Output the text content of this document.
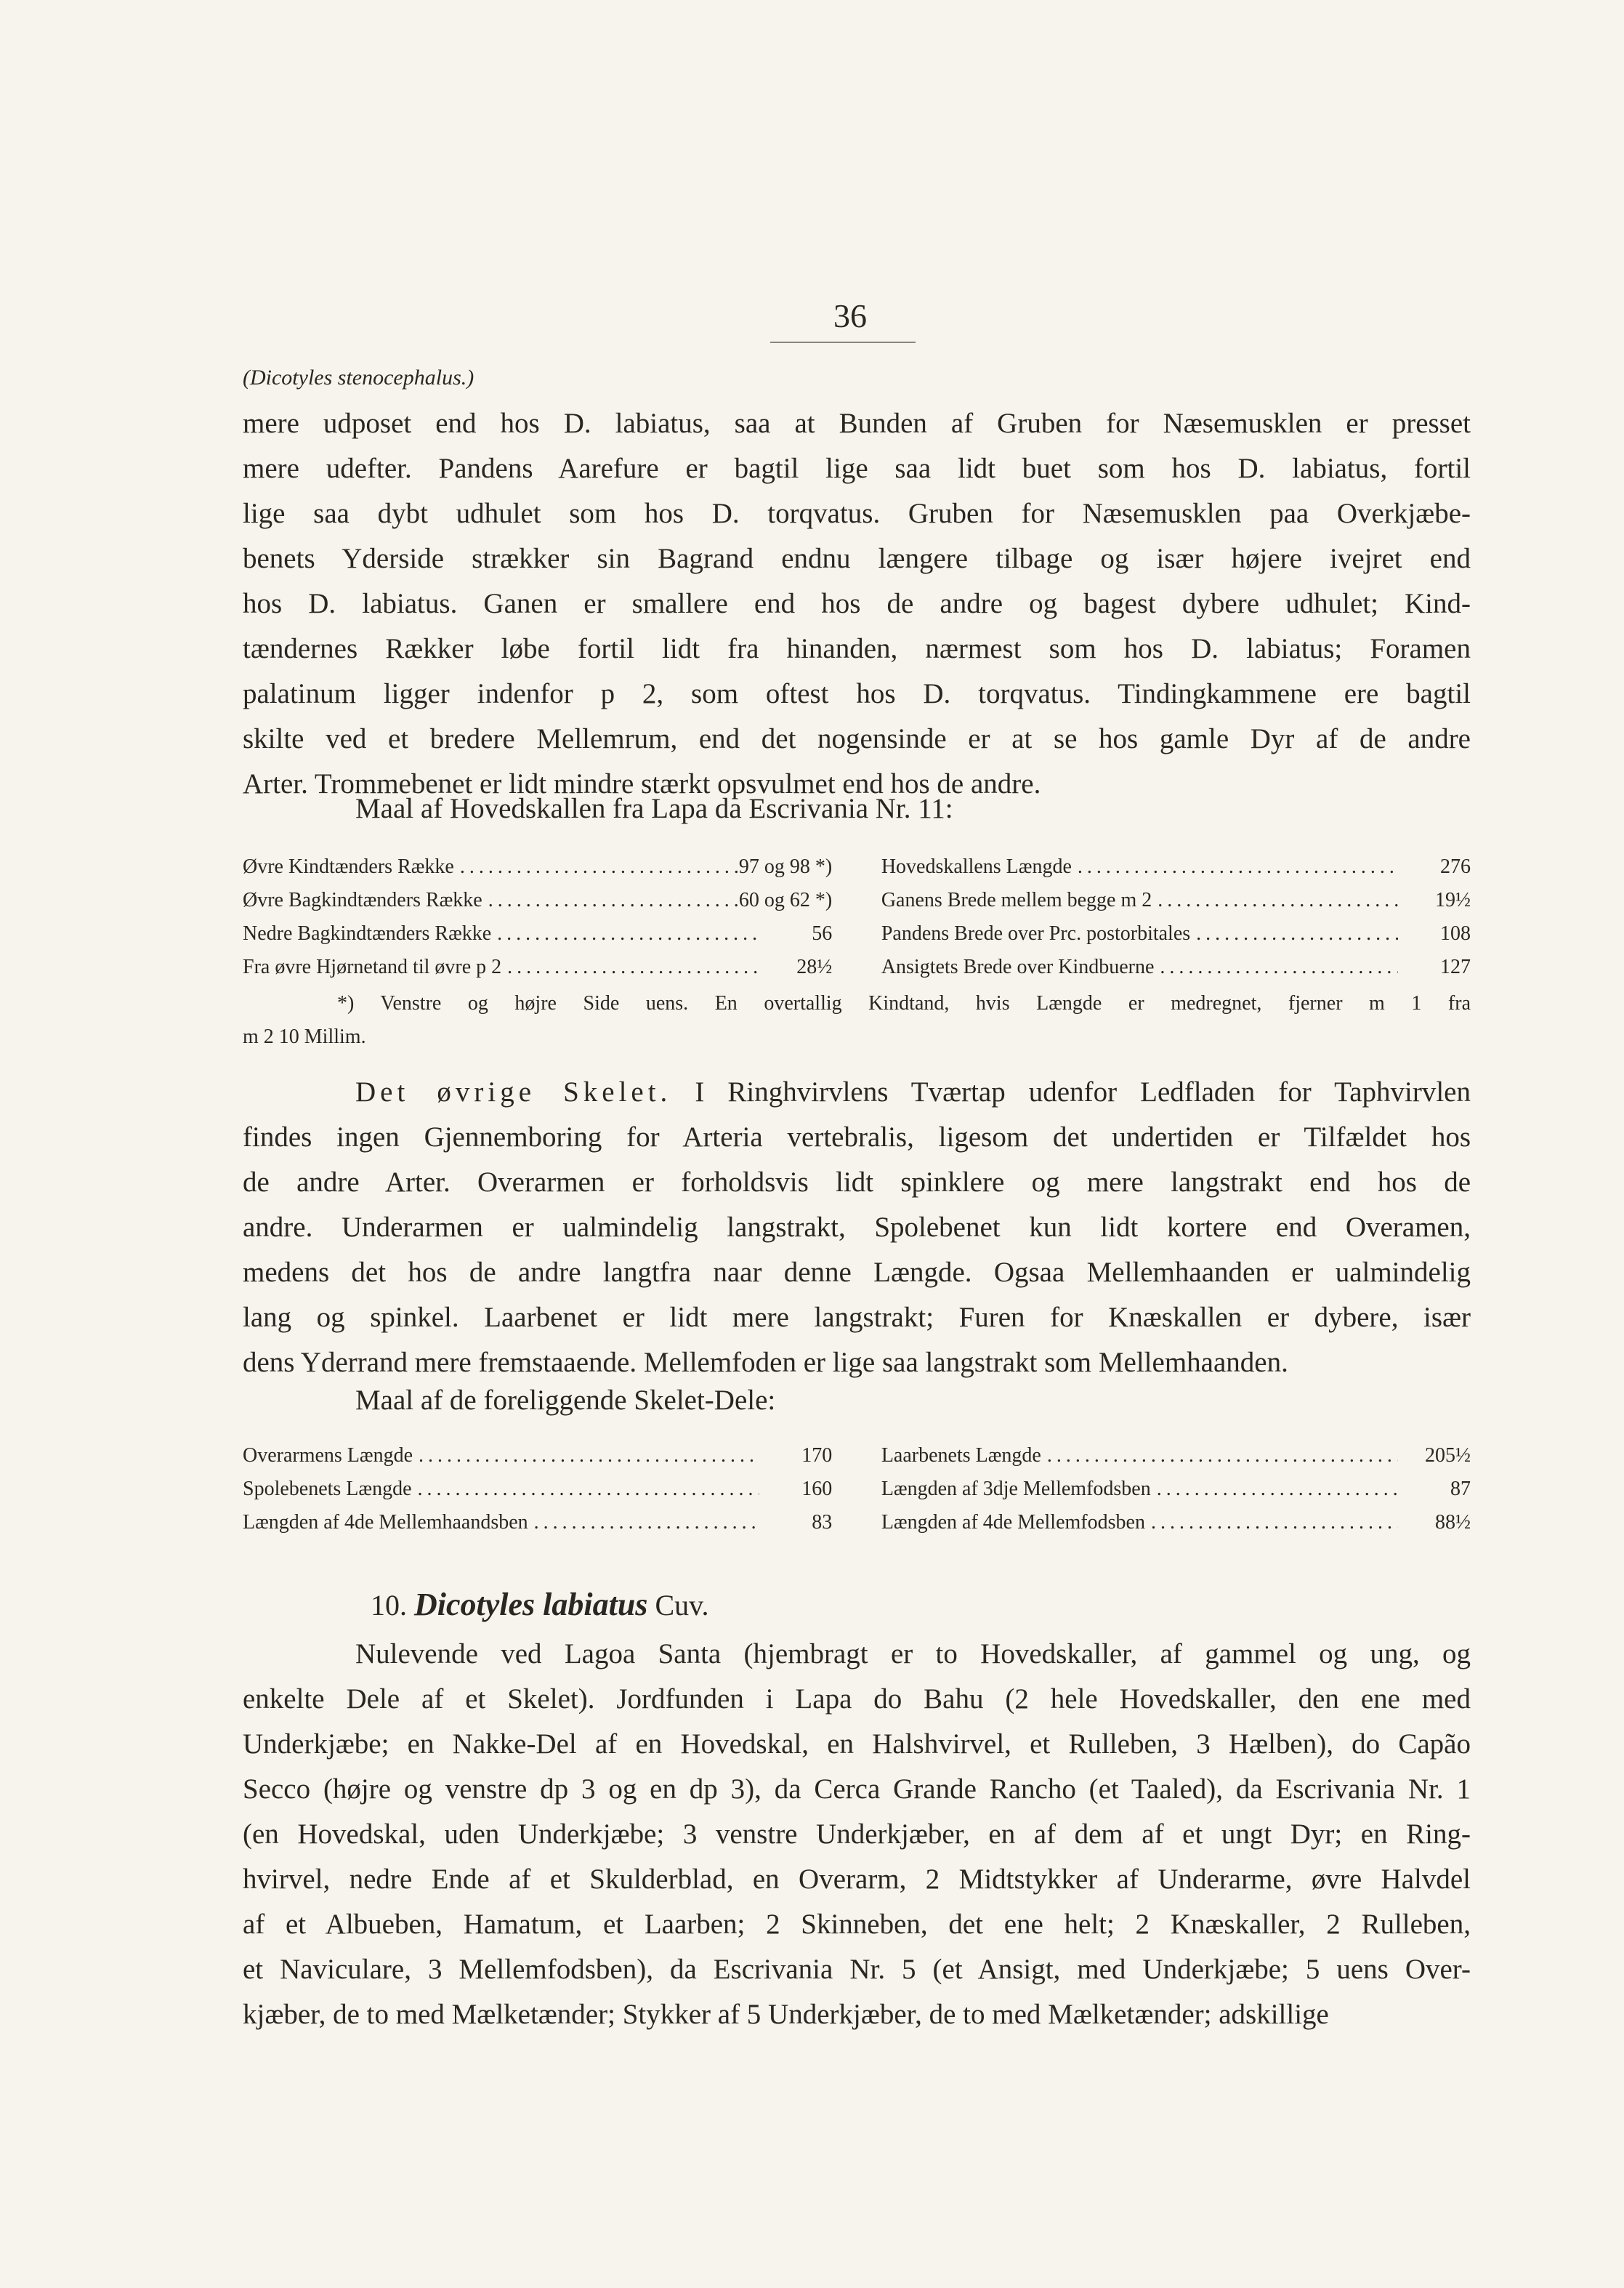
36
(Dicotyles stenocephalus.)

mere udposet end hos D. labiatus, saa at Bunden af Gruben for Næsemusklen er presset
mere udefter. Pandens Aarefure er bagtil lige saa lidt buet som hos D. labiatus, fortil
lige saa dybt udhulet som hos D. torqvatus. Gruben for Næsemusklen paa Overkjæbe-
benets Yderside strækker sin Bagrand endnu længere tilbage og især højere ivejret end
hos D. labiatus. Ganen er smallere end hos de andre og bagest dybere udhulet; Kind-
tændernes Rækker løbe fortil lidt fra hinanden, nærmest som hos D. labiatus; Foramen
palatinum ligger indenfor p 2, som oftest hos D. torqvatus. Tindingkammene ere bagtil
skilte ved et bredere Mellemrum, end det nogensinde er at se hos gamle Dyr af de andre
Arter. Trommebenet er lidt mindre stærkt opsvulmet end hos de andre.

Maal af Hovedskallen fra Lapa da Escrivania Nr. 11:
Øvre Kindtænders Række .....	97 og 98 *) Hovedskallens Længde .....	276
Øvre Bagkindtænders Række .....	60 og 62 *) Ganens Brede mellem begge m 2 .....	19½
Nedre Bagkindtænders Række .....	56 Pandens Brede over Prc. postorbitales .....	108
Fra øvre Hjørnetand til øvre p 2 .....	28½ Ansigtets Brede over Kindbuerne .....	127
*) Venstre og højre Side uens. En overtallig Kindtand, hvis Længde er medregnet, fjerner m 1 fra
m 2 10 Millim.
Det øvrige Skelet. I Ringhvirvlens Tværtap udenfor Ledfladen for Taphvirvlen
findes ingen Gjennemboring for Arteria vertebralis, ligesom det undertiden er Tilfældet hos
de andre Arter. Overarmen er forholdsvis lidt spinklere og mere langstrakt end hos de
andre. Underarmen er ualmindelig langstrakt, Spolebenet kun lidt kortere end Overamen,
medens det hos de andre langtfra naar denne Længde. Ogsaa Mellemhaanden er ualmindelig
lang og spinkel. Laarbenet er lidt mere langstrakt; Furen for Knæskallen er dybere, især
dens Yderrand mere fremstaaende. Mellemfoden er lige saa langstrakt som Mellemhaanden.
Maal af de foreliggende Skelet-Dele:
Overarmens Længde .....	170 Laarbenets Længde .....	205½
Spolebenets Længde .....	160 Længden af 3dje Mellemfodsben .....	87
Længden af 4de Mellemhaandsben .....	83 Længden af 4de Mellemfodsben .....	88½
10. Dicotyles labiatus Cuv.

Nulevende ved Lagoa Santa (hjembragt er to Hovedskaller, af gammel og ung, og
enkelte Dele af et Skelet). Jordfunden i Lapa do Bahu (2 hele Hovedskaller, den ene med
Underkjæbe; en Nakke-Del af en Hovedskal, en Halshvirvel, et Rulleben, 3 Hælben), do Capão
Secco (højre og venstre dp 3 og en dp 3), da Cerca Grande Rancho (et Taaled), da Escrivania Nr. 1
(en Hovedskal, uden Underkjæbe; 3 venstre Underkjæber, en af dem af et ungt Dyr; en Ring-
hvirvel, nedre Ende af et Skulderblad, en Overarm, 2 Midtstykker af Underarme, øvre Halvdel
af et Albueben, Hamatum, et Laarben; 2 Skinneben, det ene helt; 2 Knæskaller, 2 Rulleben,
et Naviculare, 3 Mellemfodsben), da Escrivania Nr. 5 (et Ansigt, med Underkjæbe; 5 uens Over-
kjæber, de to med Mælketænder; Stykker af 5 Underkjæber, de to med Mælketænder; adskillige
